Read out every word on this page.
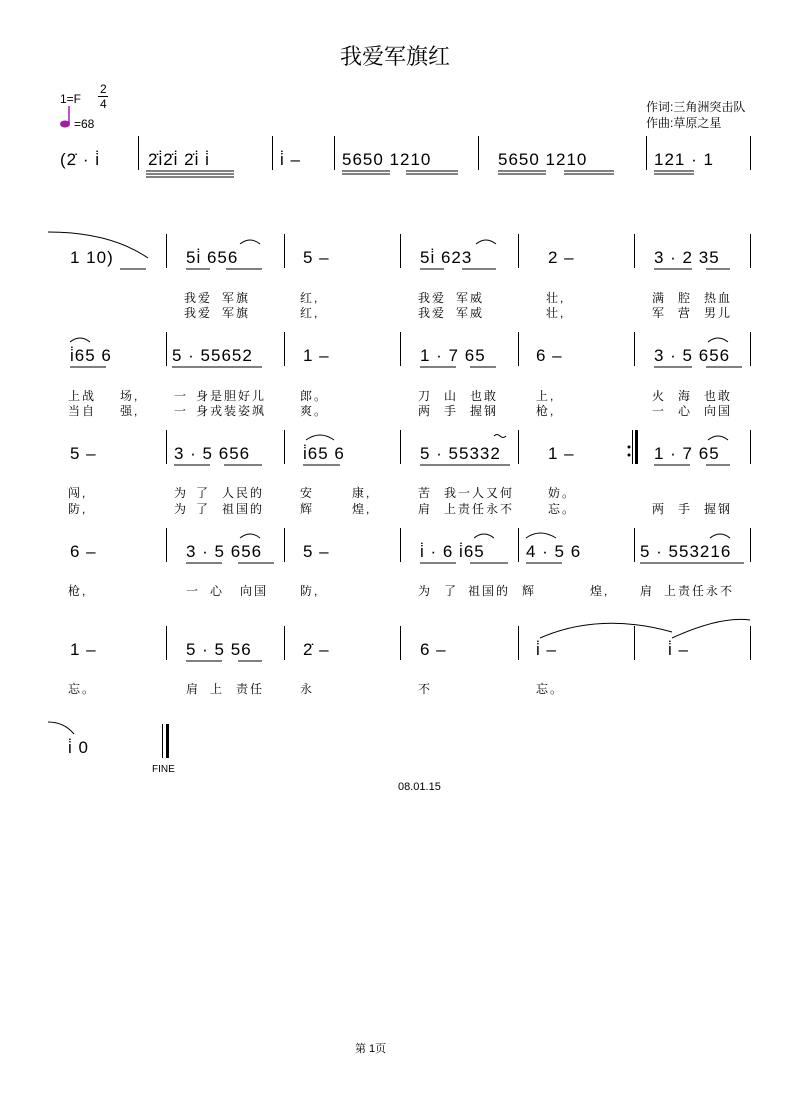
我爱军旗红
1=F
2
4
=68
作词:三角洲突击队
作曲:草原之星
(2̇ · i̇	2̇i̇2̇i̇ 2̇i̇ i̇	i̇ – 5650 1210	5650 1210	121 · 1
1 10)	5i̇ 656	5 –	5i̇ 623	2 –	3 · 2 35
我爱 军旗	红,	我爱 军威	壮,	满 腔 热血
我爱 军旗	红,	我爱 军威	壮,	军 营 男儿
i̇65 6	5 · 55652	1 –	1 · 7 65	6 –	3 · 5 656
上战 场,	一 身是胆好儿	郎。	刀 山 也敢	上,	火 海 也敢
当自 强,	一 身戎装姿飒	爽。	两 手 握钢	枪,	一 心 向国
5 –	3 · 5 656	i̇65 6	5 · 55332	1 –	1 · 7 65
闯,	为 了 人民的	安	康,	苦 我一人又何	妨。
防,	为 了 祖国的	辉	煌,	肩 上责任永不	忘。	两 手 握钢
6 –	3 · 5 656 5 –	i̇ · 6 i̇65 4 · 5 6	5 · 553216
枪,	一 心 向国	防,	为 了 祖国的 辉	煌,	肩 上责任永不
1 –	5 · 5 56	2̇ –	6 –	i̇ –	i̇ –
忘。	肩 上 责任	永	不	忘。
i̇ 0
FINE
08.01.15
第 1页
